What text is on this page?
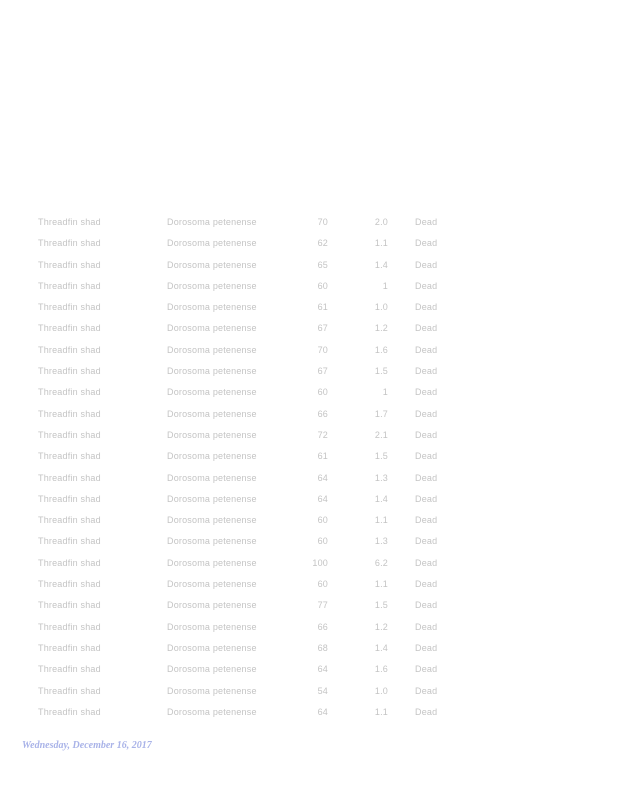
Threadfin shad	Dorosoma petenense	70	2.0	Dead
Threadfin shad	Dorosoma petenense	62	1.1	Dead
Threadfin shad	Dorosoma petenense	65	1.4	Dead
Threadfin shad	Dorosoma petenense	60	1	Dead
Threadfin shad	Dorosoma petenense	61	1.0	Dead
Threadfin shad	Dorosoma petenense	67	1.2	Dead
Threadfin shad	Dorosoma petenense	70	1.6	Dead
Threadfin shad	Dorosoma petenense	67	1.5	Dead
Threadfin shad	Dorosoma petenense	60	1	Dead
Threadfin shad	Dorosoma petenense	66	1.7	Dead
Threadfin shad	Dorosoma petenense	72	2.1	Dead
Threadfin shad	Dorosoma petenense	61	1.5	Dead
Threadfin shad	Dorosoma petenense	64	1.3	Dead
Threadfin shad	Dorosoma petenense	64	1.4	Dead
Threadfin shad	Dorosoma petenense	60	1.1	Dead
Threadfin shad	Dorosoma petenense	60	1.3	Dead
Threadfin shad	Dorosoma petenense	100	6.2	Dead
Threadfin shad	Dorosoma petenense	60	1.1	Dead
Threadfin shad	Dorosoma petenense	77	1.5	Dead
Threadfin shad	Dorosoma petenense	66	1.2	Dead
Threadfin shad	Dorosoma petenense	68	1.4	Dead
Threadfin shad	Dorosoma petenense	64	1.6	Dead
Threadfin shad	Dorosoma petenense	54	1.0	Dead
Threadfin shad	Dorosoma petenense	64	1.1	Dead
Wednesday, December 16, 2017
